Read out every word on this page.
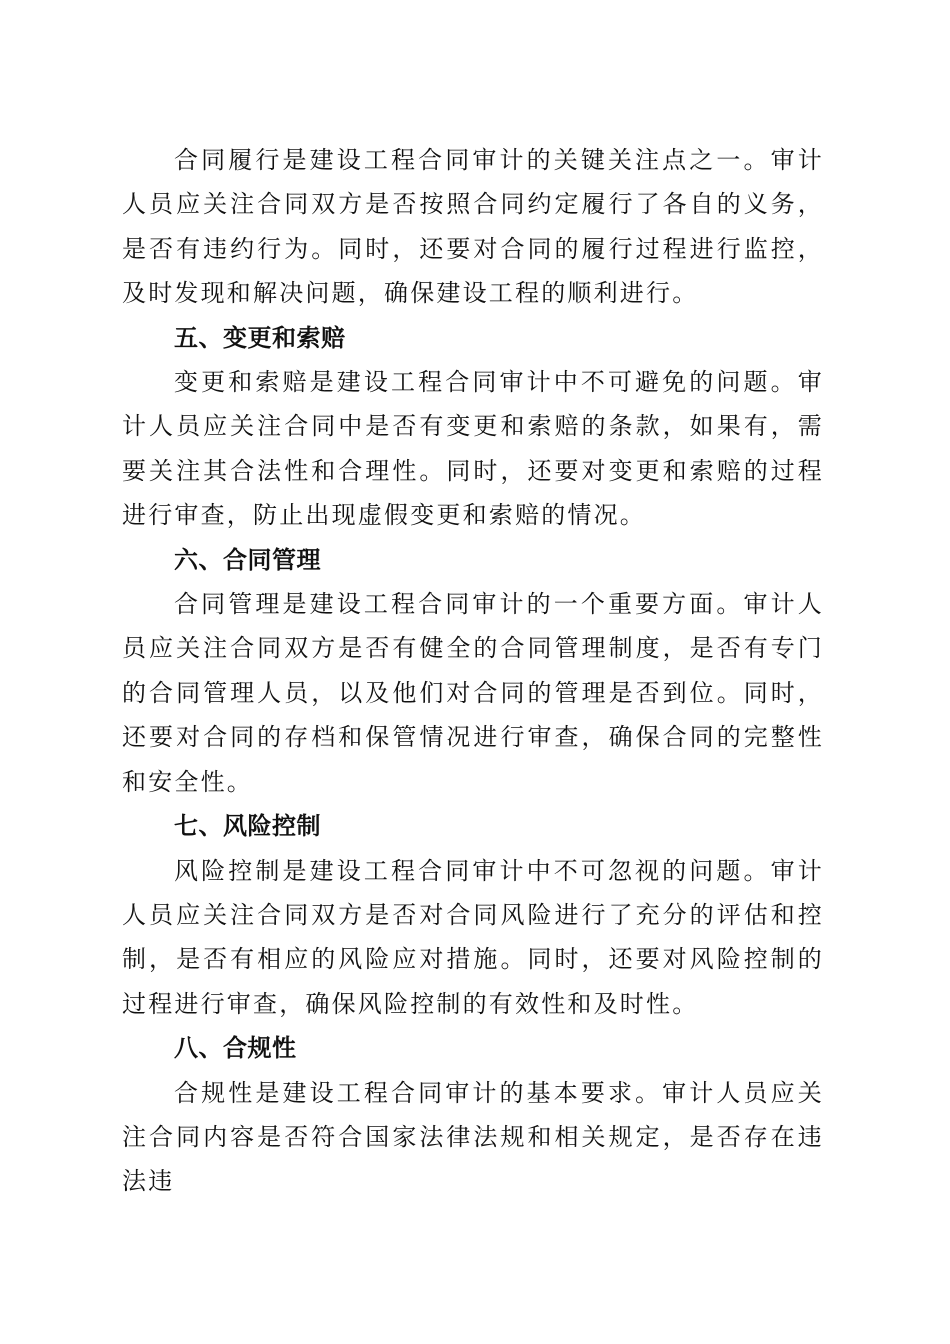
合同履行是建设工程合同审计的关键关注点之一。审计人员应关注合同双方是否按照合同约定履行了各自的义务，是否有违约行为。同时，还要对合同的履行过程进行监控，及时发现和解决问题，确保建设工程的顺利进行。

五、变更和索赔

变更和索赔是建设工程合同审计中不可避免的问题。审计人员应关注合同中是否有变更和索赔的条款，如果有，需要关注其合法性和合理性。同时，还要对变更和索赔的过程进行审查，防止出现虚假变更和索赔的情况。

六、合同管理

合同管理是建设工程合同审计的一个重要方面。审计人员应关注合同双方是否有健全的合同管理制度，是否有专门的合同管理人员，以及他们对合同的管理是否到位。同时，还要对合同的存档和保管情况进行审查，确保合同的完整性和安全性。

七、风险控制

风险控制是建设工程合同审计中不可忽视的问题。审计人员应关注合同双方是否对合同风险进行了充分的评估和控制，是否有相应的风险应对措施。同时，还要对风险控制的过程进行审查，确保风险控制的有效性和及时性。

八、合规性

合规性是建设工程合同审计的基本要求。审计人员应关注合同内容是否符合国家法律法规和相关规定，是否存在违法违
